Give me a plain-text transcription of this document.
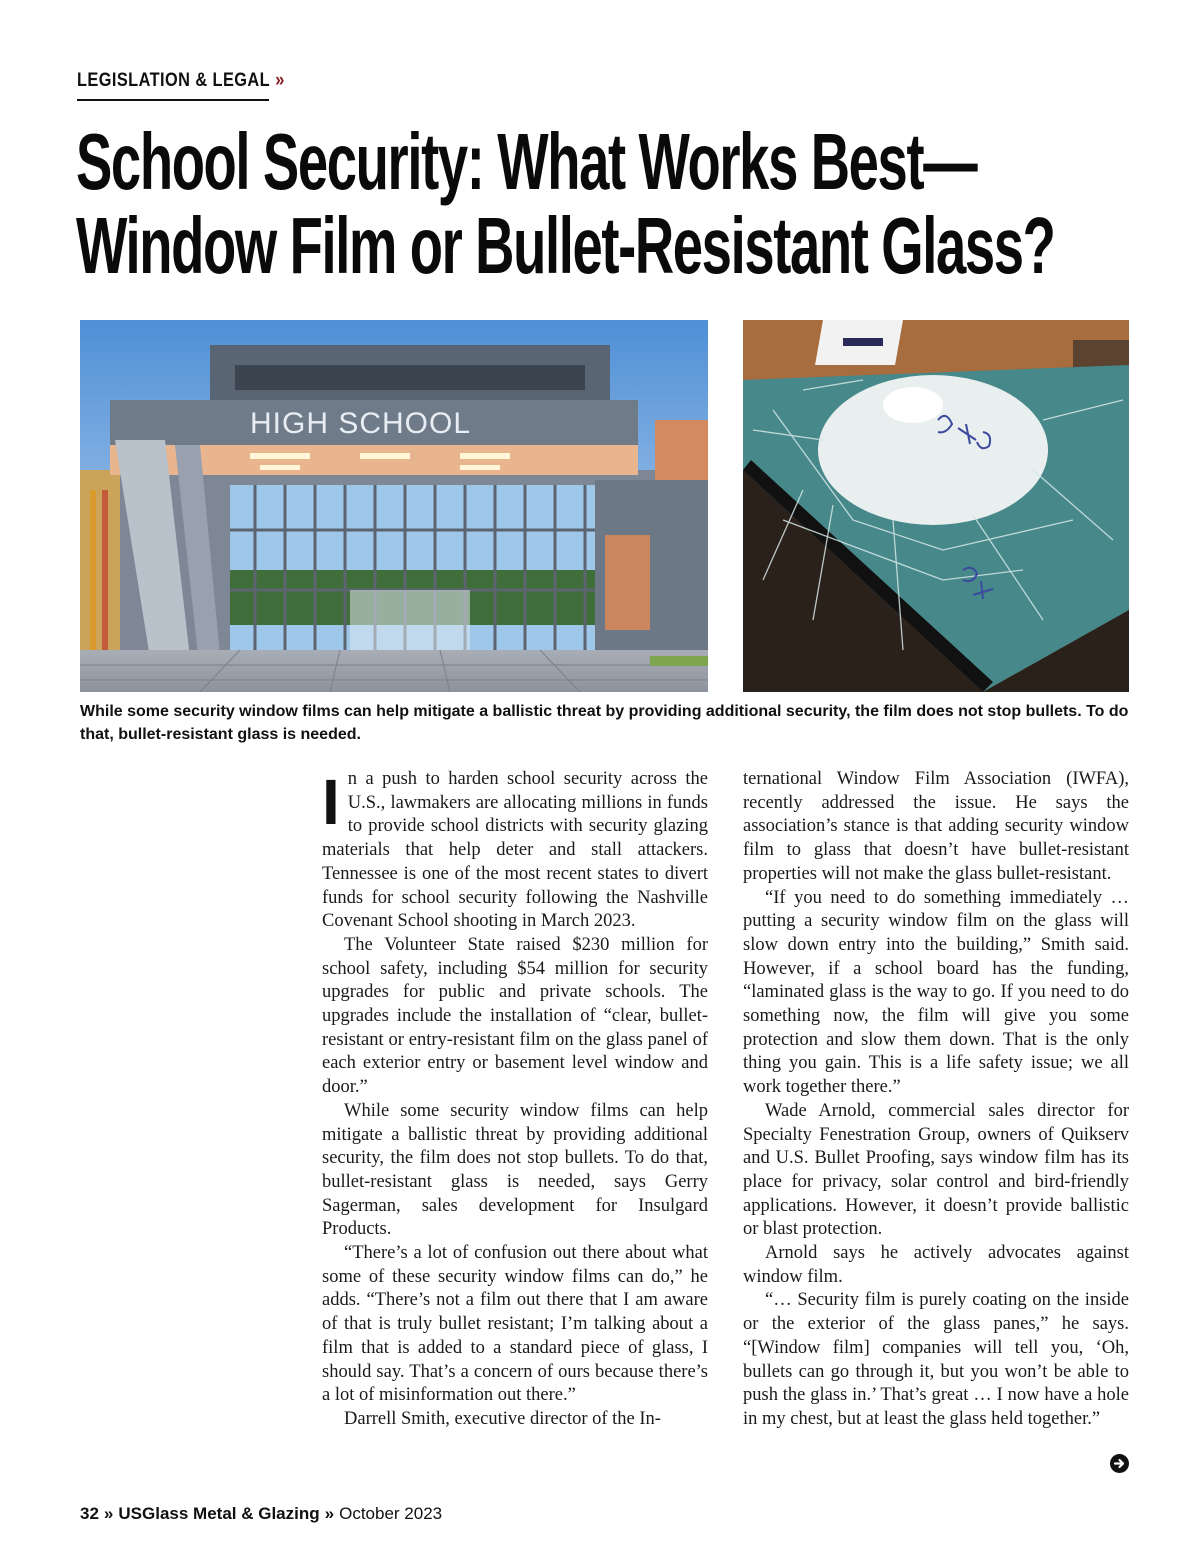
LEGISLATION & LEGAL »
School Security: What Works Best—
Window Film or Bullet-Resistant Glass?
HIGH SCHOOL

While some security window films can help mitigate a ballistic threat by providing additional security, the film does not stop bullets. To do that, bullet-resistant glass is needed.

In a push to harden school security across the U.S., lawmakers are allocating millions in funds to provide school districts with security glazing materials that help deter and stall attackers. Tennessee is one of the most recent states to divert funds for school security following the Nashville Covenant School shooting in March 2023.

The Volunteer State raised $230 million for school safety, including $54 million for security upgrades for public and private schools. The upgrades include the installation of “clear, bullet-resistant or entry-resistant film on the glass panel of each exterior entry or basement level window and door.”

While some security window films can help mitigate a ballistic threat by providing additional security, the film does not stop bullets. To do that, bullet-resistant glass is needed, says Gerry Sagerman, sales development for Insulgard Products.

“There’s a lot of confusion out there about what some of these security window films can do,” he adds. “There’s not a film out there that I am aware of that is truly bullet resistant; I’m talking about a film that is added to a standard piece of glass, I should say. That’s a concern of ours because there’s a lot of misinformation out there.”

Darrell Smith, executive director of the In-

ternational Window Film Association (IWFA), recently addressed the issue. He says the association’s stance is that adding security window film to glass that doesn’t have bullet-resistant properties will not make the glass bullet-resistant.

“If you need to do something immediately … putting a security window film on the glass will slow down entry into the building,” Smith said. However, if a school board has the funding, “laminated glass is the way to go. If you need to do something now, the film will give you some protection and slow them down. That is the only thing you gain. This is a life safety issue; we all work together there.”

Wade Arnold, commercial sales director for Specialty Fenestration Group, owners of Quikserv and U.S. Bullet Proofing, says window film has its place for privacy, solar control and bird-friendly applications. However, it doesn’t provide ballistic or blast protection.

Arnold says he actively advocates against window film.

“… Security film is purely coating on the inside or the exterior of the glass panes,” he says. “[Window film] companies will tell you, ‘Oh, bullets can go through it, but you won’t be able to push the glass in.’ That’s great … I now have a hole in my chest, but at least the glass held together.”

32 » USGlass Metal & Glazing » October 2023
